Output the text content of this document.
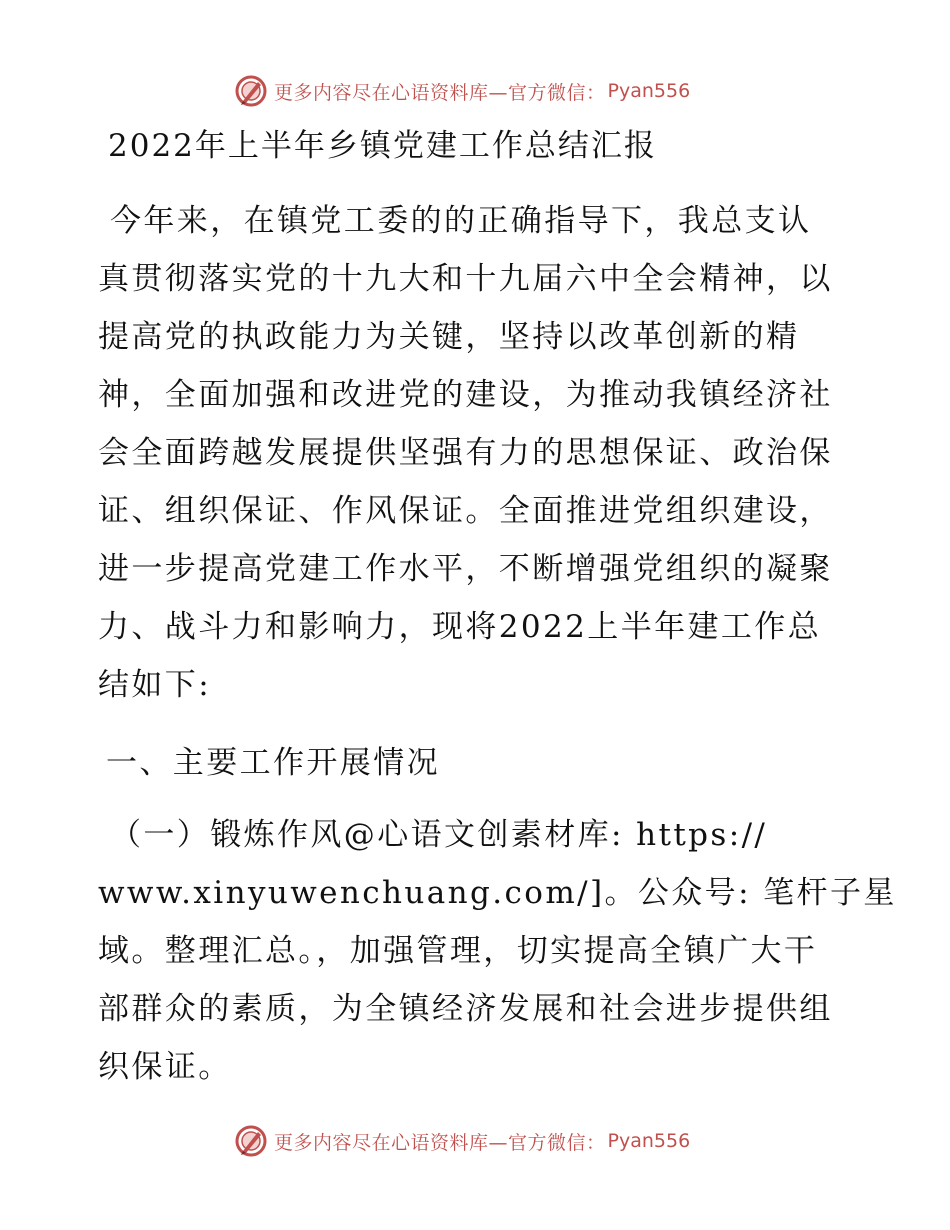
更多内容尽在心语资料库—官方微信： Pyan556
2022年上半年乡镇党建工作总结汇报
今年来，在镇党工委的的正确指导下，我总支认
真贯彻落实党的十九大和十九届六中全会精神，以
提高党的执政能力为关键，坚持以改革创新的精
神，全面加强和改进党的建设，为推动我镇经济社
会全面跨越发展提供坚强有力的思想保证、政治保
证、组织保证、作风保证。全面推进党组织建设，
进一步提高党建工作水平，不断增强党组织的凝聚
力、战斗力和影响力，现将2022上半年建工作总
结如下:
一、主要工作开展情况
（一）锻炼作风@心语文创素材库: https://
www.xinyuwenchuang.com/]。公众号: 笔杆子星
域。整理汇总。，加强管理，切实提高全镇广大干
部群众的素质，为全镇经济发展和社会进步提供组
织保证。
更多内容尽在心语资料库—官方微信： Pyan556
